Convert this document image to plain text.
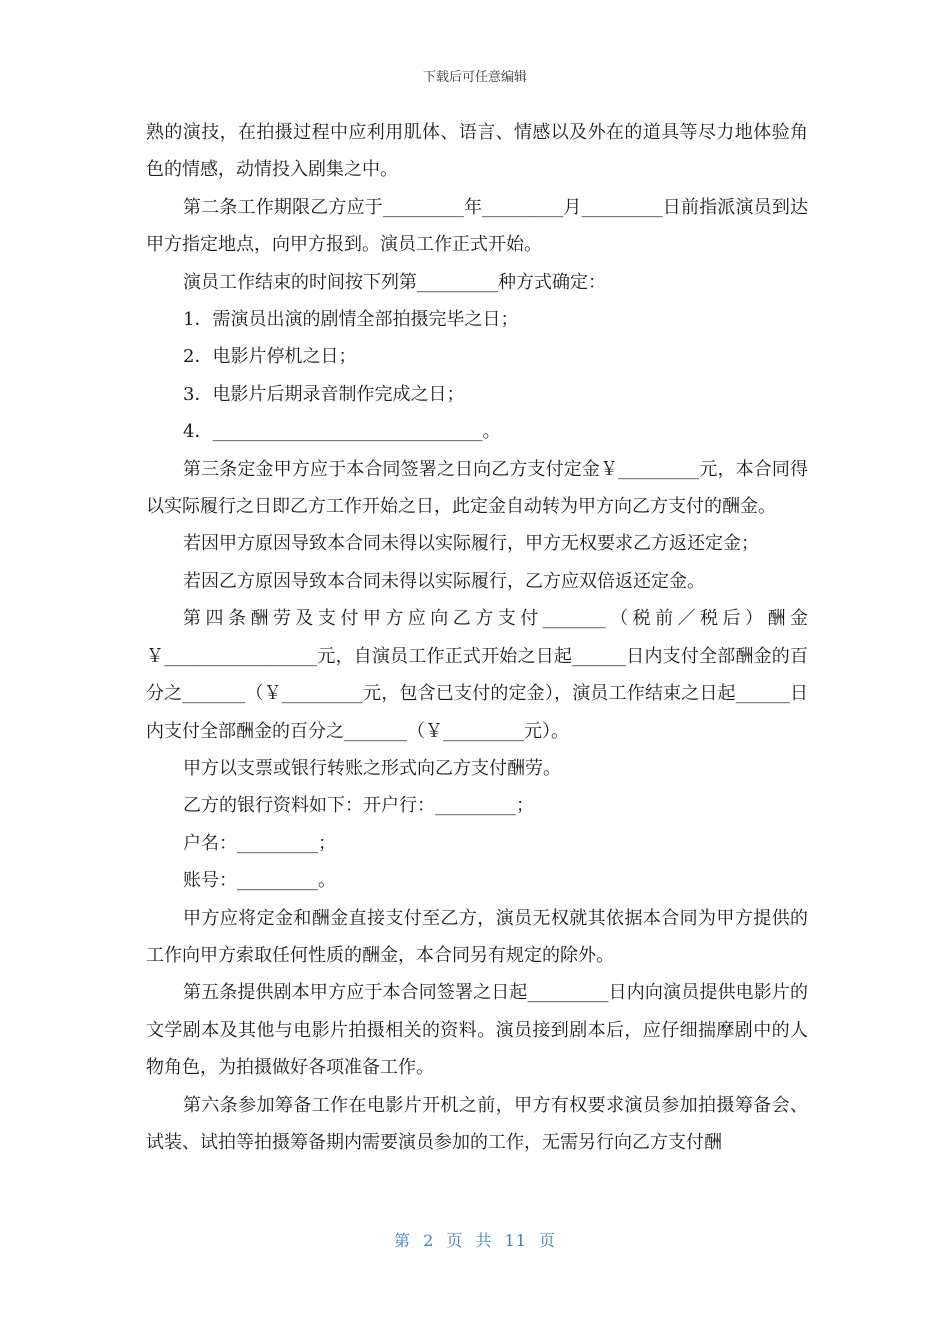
下载后可任意编辑

熟的演技，在拍摄过程中应利用肌体、语言、情感以及外在的道具等尽力地体验角色的情感，动情投入剧集之中。

第二条工作期限乙方应于_________年_________月_________日前指派演员到达甲方指定地点，向甲方报到。演员工作正式开始。

演员工作结束的时间按下列第_________种方式确定：

1．需演员出演的剧情全部拍摄完毕之日；

2．电影片停机之日；

3．电影片后期录音制作完成之日；

4．______________________________。

第三条定金甲方应于本合同签署之日向乙方支付定金￥_________元，本合同得以实际履行之日即乙方工作开始之日，此定金自动转为甲方向乙方支付的酬金。

若因甲方原因导致本合同未得以实际履行，甲方无权要求乙方返还定金；

若因乙方原因导致本合同未得以实际履行，乙方应双倍返还定金。

第四条酬劳及支付甲方应向乙方支付_______（税前／税后）酬金￥_________________元，自演员工作正式开始之日起______日内支付全部酬金的百分之_______（￥_________元，包含已支付的定金），演员工作结束之日起______日内支付全部酬金的百分之_______（￥_________元）。

甲方以支票或银行转账之形式向乙方支付酬劳。

乙方的银行资料如下：开户行：_________；

户名：_________；

账号：_________。

甲方应将定金和酬金直接支付至乙方，演员无权就其依据本合同为甲方提供的工作向甲方索取任何性质的酬金，本合同另有规定的除外。

第五条提供剧本甲方应于本合同签署之日起_________日内向演员提供电影片的文学剧本及其他与电影片拍摄相关的资料。演员接到剧本后，应仔细揣摩剧中的人物角色，为拍摄做好各项准备工作。

第六条参加筹备工作在电影片开机之前，甲方有权要求演员参加拍摄筹备会、试装、试拍等拍摄筹备期内需要演员参加的工作，无需另行向乙方支付酬

第 2 页 共 11 页
